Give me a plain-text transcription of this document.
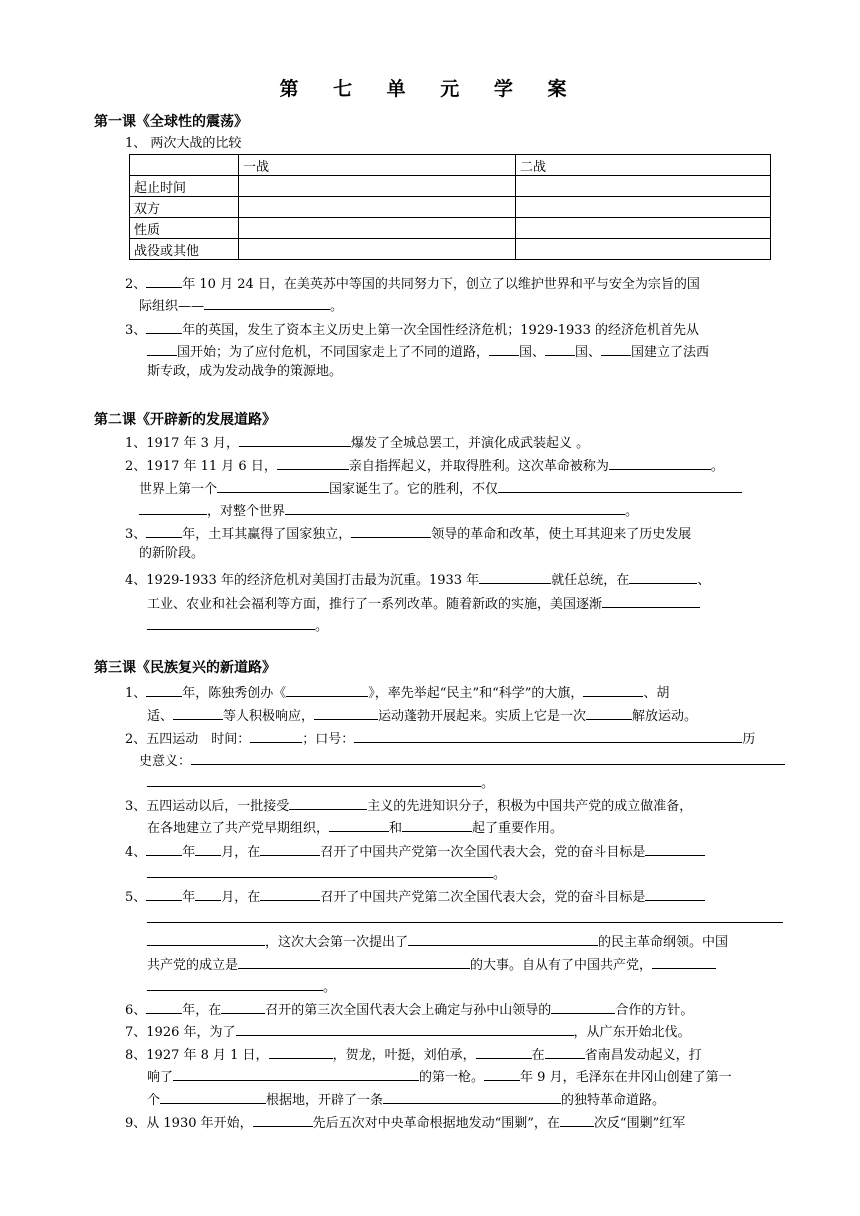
第 七 单 元 学 案
第一课《全球性的震荡》
1、 两次大战的比较
	一战	二战
起止时间		
双方		
性质		
战役或其他		
2、	年 10 月 24 日，在美英苏中等国的共同努力下，创立了以维护世界和平与安全为宗旨的国
际组织——	。
3、	年的英国，发生了资本主义历史上第一次全国性经济危机；1929-1933 的经济危机首先从
国开始；为了应付危机，不同国家走上了不同的道路， 国、 国、 国建立了法西
斯专政，成为发动战争的策源地。
第二课《开辟新的发展道路》
1、1917 年 3 月，	爆发了全城总罢工，并演化成武装起义 。
2、1917 年 11 月 6 日，	亲自指挥起义，并取得胜利。这次革命被称为	。
世界上第一个	国家诞生了。它的胜利，不仅
，对整个世界	。
3、	年，土耳其赢得了国家独立，	领导的革命和改革，使土耳其迎来了历史发展
的新阶段。
4、1929-1933 年的经济危机对美国打击最为沉重。1933 年	就任总统，在	、
工业、农业和社会福利等方面，推行了一系列改革。随着新政的实施，美国逐渐
。
第三课《民族复兴的新道路》
1、	年，陈独秀创办《	》，率先举起“民主”和“科学”的大旗，	、胡
适、	等人积极响应，	运动蓬勃开展起来。实质上它是一次	解放运动。
2、五四运动　时间：	；口号：	历
史意义：
。
3、五四运动以后，一批接受	主义的先进知识分子，积极为中国共产党的成立做准备，
在各地建立了共产党早期组织，	和	起了重要作用。
4、	年 月，在	召开了中国共产党第一次全国代表大会，党的奋斗目标是
。
5、	年 月，在	召开了中国共产党第二次全国代表大会，党的奋斗目标是
，这次大会第一次提出了	的民主革命纲领。中国
共产党的成立是	的大事。自从有了中国共产党，
。
6、	年，在	召开的第三次全国代表大会上确定与孙中山领导的	合作的方针。
7、1926 年，为了	，从广东开始北伐。
8、1927 年 8 月 1 日，	，贺龙，叶挺，刘伯承，	在	省南昌发动起义，打
响了	的第一枪。	年 9 月，毛泽东在井冈山创建了第一
个	根据地，开辟了一条	的独特革命道路。
9、从 1930 年开始，	先后五次对中央革命根据地发动“围剿”，在	次反“围剿”红军
